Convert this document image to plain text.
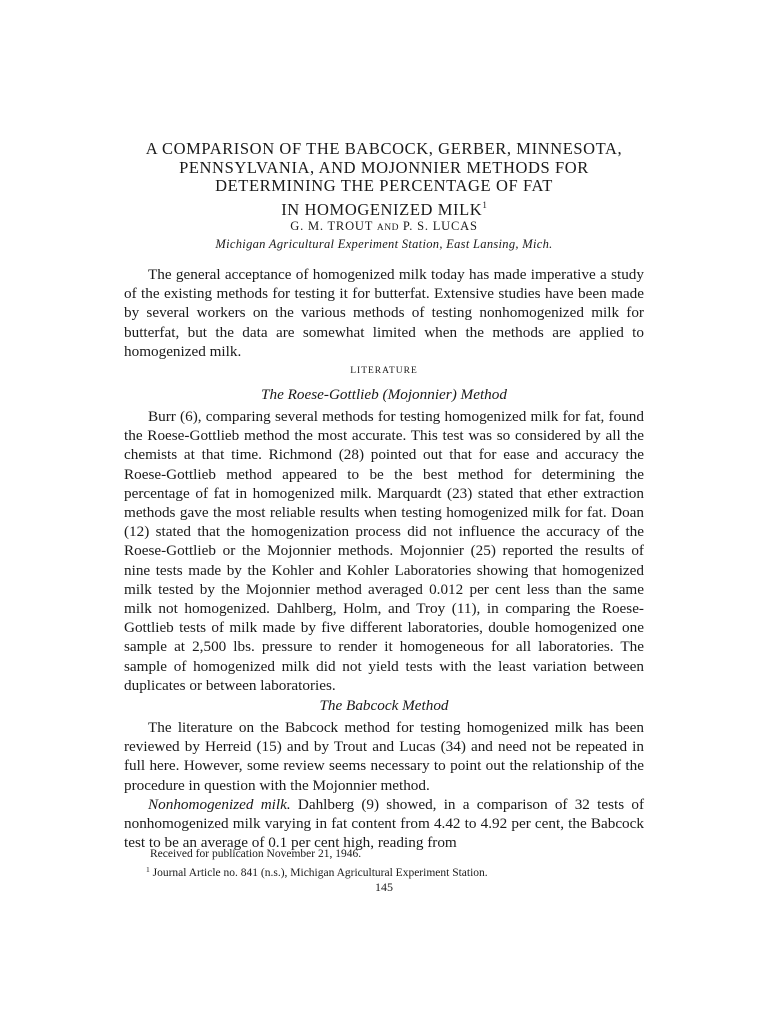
A COMPARISON OF THE BABCOCK, GERBER, MINNESOTA,
PENNSYLVANIA, AND MOJONNIER METHODS FOR
DETERMINING THE PERCENTAGE OF FAT
IN HOMOGENIZED MILK$^1$
G. M. TROUT AND P. S. LUCAS
Michigan Agricultural Experiment Station, East Lansing, Mich.

The general acceptance of homogenized milk today has made imperative a study of the existing methods for testing it for butterfat. Extensive studies have been made by several workers on the various methods of testing nonhomogenized milk for butterfat, but the data are somewhat limited when the methods are applied to homogenized milk.

LITERATURE
The Roese-Gottlieb (Mojonnier) Method

Burr (6), comparing several methods for testing homogenized milk for fat, found the Roese-Gottlieb method the most accurate. This test was so considered by all the chemists at that time. Richmond (28) pointed out that for ease and accuracy the Roese-Gottlieb method appeared to be the best method for determining the percentage of fat in homogenized milk. Marquardt (23) stated that ether extraction methods gave the most reliable results when testing homogenized milk for fat. Doan (12) stated that the homogenization process did not influence the accuracy of the Roese-Gottlieb or the Mojonnier methods. Mojonnier (25) reported the results of nine tests made by the Kohler and Kohler Laboratories showing that homogenized milk tested by the Mojonnier method averaged 0.012 per cent less than the same milk not homogenized. Dahlberg, Holm, and Troy (11), in comparing the Roese-Gottlieb tests of milk made by five different laboratories, double homogenized one sample at 2,500 lbs. pressure to render it homogeneous for all laboratories. The sample of homogenized milk did not yield tests with the least variation between duplicates or between laboratories.

The Babcock Method

The literature on the Babcock method for testing homogenized milk has been reviewed by Herreid (15) and by Trout and Lucas (34) and need not be repeated in full here. However, some review seems necessary to point out the relationship of the procedure in question with the Mojonnier method.

Nonhomogenized milk. Dahlberg (9) showed, in a comparison of 32 tests of nonhomogenized milk varying in fat content from 4.42 to 4.92 per cent, the Babcock test to be an average of 0.1 per cent high, reading from

Received for publication November 21, 1946.
$^1$ Journal Article no. 841 (n.s.), Michigan Agricultural Experiment Station.
145
